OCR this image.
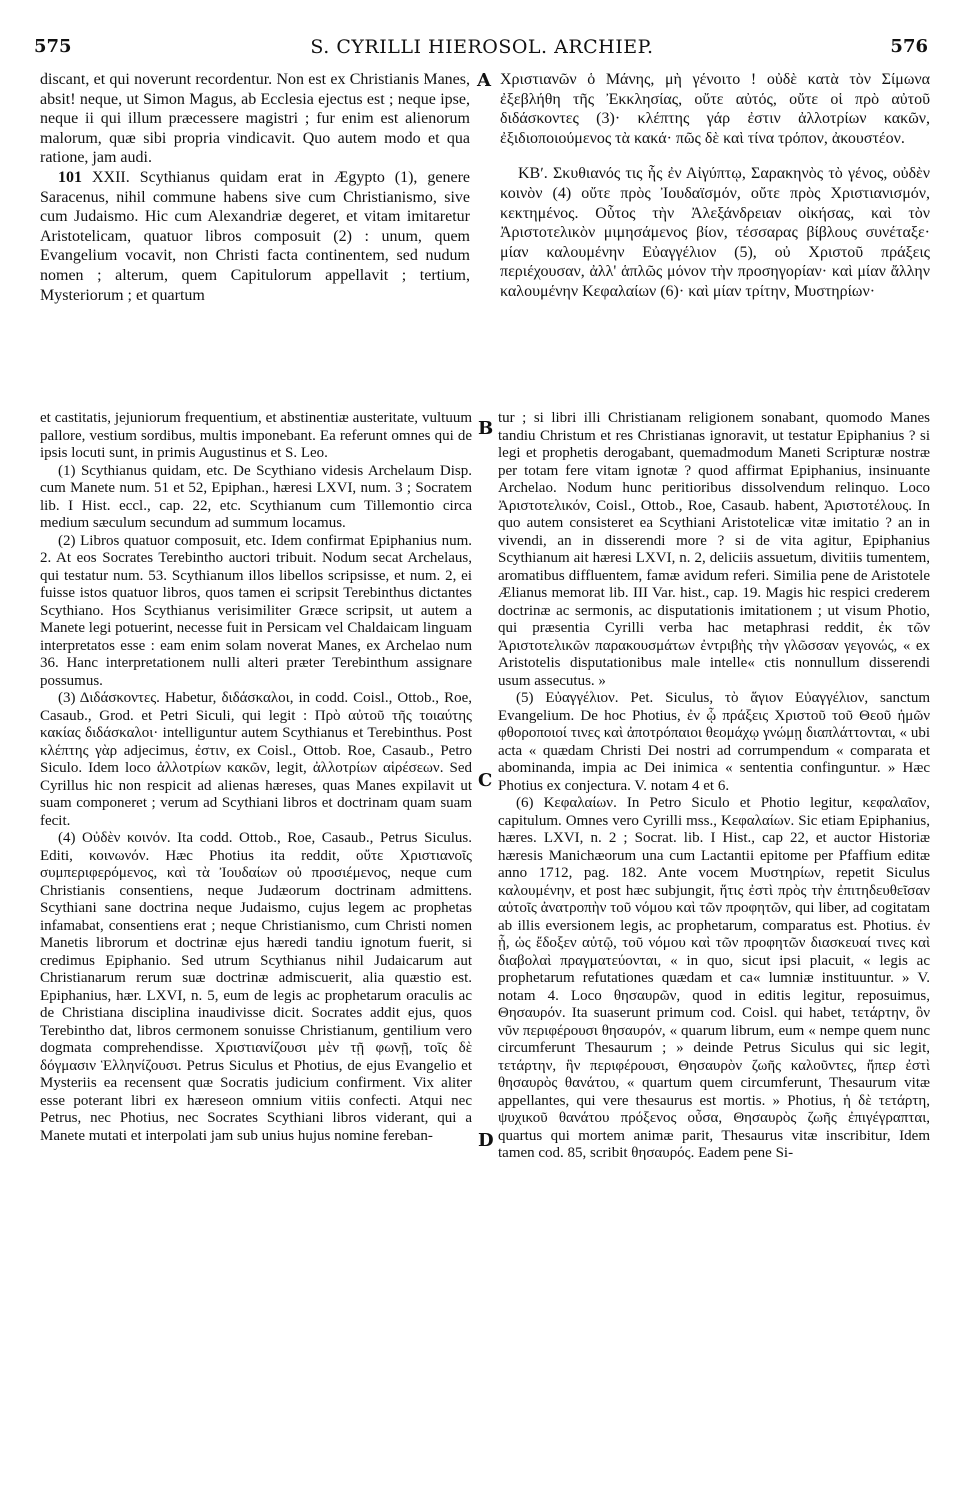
575	S. CYRILLI HIEROSOL. ARCHIEP.	576

discant, et qui noverunt recordentur. Non est ex Christianis Manes, absit! neque, ut Simon Magus, ab Ecclesia ejectus est ; neque ipse, neque ii qui illum præcessere magistri ; fur enim est alienorum malorum, quæ sibi propria vindicavit. Quo autem modo et qua ratione, jam audi.

101 XXII. Scythianus quidam erat in Ægypto (1), genere Saracenus, nihil commune habens sive cum Christianismo, sive cum Judaismo. Hic cum Alexandriæ degeret, et vitam imitaretur Aristotelicam, quatuor libros composuit (2) : unum, quem Evangelium vocavit, non Christi facta continentem, sed nudum nomen ; alterum, quem Capitulorum appellavit ; tertium, Mysteriorum ; et quartum

A Χριστιανῶν ὁ Μάνης, μὴ γένοιτο ! οὐδὲ κατὰ τὸν Σίμωνα ἐξεβλήθη τῆς Ἐκκλησίας, οὔτε αὐτός, οὔτε οἱ πρὸ αὐτοῦ διδάσκοντες (3)· κλέπτης γάρ ἐστιν ἀλλοτρίων κακῶν, ἐξιδιοποιούμενος τὰ κακά· πῶς δὲ καὶ τίνα τρόπον, ἀκουστέον.

ΚΒʹ. Σκυθιανός τις ἧς ἐν Αἰγύπτῳ, Σαρακηνὸς τὸ γένος, οὐδὲν κοινὸν (4) οὔτε πρὸς Ἰουδαϊσμόν, οὔτε πρὸς Χριστιανισμόν, κεκτημένος. Οὗτος τὴν Ἀλεξάνδρειαν οἰκήσας, καὶ τὸν Ἀριστοτελικὸν μιμησάμενος βίον, τέσσαρας βίβλους συνέταξε· μίαν καλουμένην Εὐαγγέλιον (5), οὐ Χριστοῦ πράξεις περιέχουσαν, ἀλλ' ἁπλῶς μόνον τὴν προσηγορίαν· καὶ μίαν ἄλλην καλουμένην Κεφαλαίων (6)· καὶ μίαν τρίτην, Μυστηρίων·

et castitatis, jejuniorum frequentium, et abstinentiæ austeritate, vultuum pallore, vestium sordibus, multis imponebant. Ea referunt omnes qui de ipsis locuti sunt, in primis Augustinus et S. Leo.

(1) Scythianus quidam, etc. De Scythiano videsis Archelaum Disp. cum Manete num. 51 et 52, Epiphan., hæresi LXVI, num. 3 ; Socratem lib. I Hist. eccl., cap. 22, etc. Scythianum cum Tillemontio circa medium sæculum secundum ad summum locamus.

(2) Libros quatuor composuit, etc. Idem confirmat Epiphanius num. 2. At eos Socrates Terebintho auctori tribuit. Nodum secat Archelaus, qui testatur num. 53. Scythianum illos libellos scripsisse, et num. 2, ei fuisse istos quatuor libros, quos tamen ei scripsit Terebinthus dictantes Scythiano. Hos Scythianus verisimiliter Græce scripsit, ut autem a Manete legi potuerint, necesse fuit in Persicam vel Chaldaicam linguam interpretatos esse : eam enim solam noverat Manes, ex Archelao num 36. Hanc interpretationem nulli alteri præter Terebinthum assignare possumus.

(3) Διδάσκοντες. Habetur, διδάσκαλοι, in codd. Coisl., Ottob., Roe, Casaub., Grod. et Petri Siculi, qui legit : Πρὸ αὐτοῦ τῆς τοιαύτης κακίας διδάσκαλοι· intelliguntur autem Scythianus et Terebinthus. Post κλέπτης γὰρ adjecimus, ἐστιν, ex Coisl., Ottob. Roe, Casaub., Petro Siculo. Idem loco ἀλλοτρίων κακῶν, legit, ἀλλοτρίων αἱρέσεων. Sed Cyrillus hic non respicit ad alienas hæreses, quas Manes expilavit ut suam componeret ; verum ad Scythiani libros et doctrinam quam suam fecit.

(4) Οὐδὲν κοινόν. Ita codd. Ottob., Roe, Casaub., Petrus Siculus. Editi, κοινωνόν. Hæc Photius ita reddit, οὔτε Χριστιανοῖς συμπεριφερόμενος, καὶ τὰ Ἰουδαίων οὐ προσιέμενος, neque cum Christianis consentiens, neque Judæorum doctrinam admittens. Scythiani sane doctrina neque Judaismo, cujus legem ac prophetas infamabat, consentiens erat ; neque Christianismo, cum Christi nomen Manetis librorum et doctrinæ ejus hæredi tandiu ignotum fuerit, si credimus Epiphanio. Sed utrum Scythianus nihil Judaicarum aut Christianarum rerum suæ doctrinæ admiscuerit, alia quæstio est. Epiphanius, hær. LXVI, n. 5, eum de legis ac prophetarum oraculis ac de Christiana disciplina inaudivisse dicit. Socrates addit ejus, quos Terebintho dat, libros cermonem sonuisse Christianum, gentilium vero dogmata comprehendisse. Χριστιανίζουσι μὲν τῇ φωνῇ, τοῖς δὲ δόγμασιν Ἑλληνίζουσι. Petrus Siculus et Photius, de ejus Evangelio et Mysteriis ea recensent quæ Socratis judicium confirment. Vix aliter esse poterant libri ex hæreseon omnium vitiis confecti. Atqui nec Petrus, nec Photius, nec Socrates Scythiani libros viderant, qui a Manete mutati et interpolati jam sub unius hujus nomine fereban-

B
C
D

tur ; si libri illi Christianam religionem sonabant, quomodo Manes tandiu Christum et res Christianas ignoravit, ut testatur Epiphanius ? si legi et prophetis derogabant, quemadmodum Maneti Scripturæ nostræ per totam fere vitam ignotæ ? quod affirmat Epiphanius, insinuante Archelao. Nodum hunc peritioribus dissolvendum relinquo. Loco Ἀριστοτελικόν, Coisl., Ottob., Roe, Casaub. habent, Ἀριστοτέλους. In quo autem consisteret ea Scythiani Aristotelicæ vitæ imitatio ? an in vivendi, an in disserendi more ? si de vita agitur, Epiphanius Scythianum ait hæresi LXVI, n. 2, deliciis assuetum, divitiis tumentem, aromatibus diffluentem, famæ avidum referi. Similia pene de Aristotele Ælianus memorat lib. III Var. hist., cap. 19. Magis hic respici crederem doctrinæ ac sermonis, ac disputationis imitationem ; ut visum Photio, qui præsentia Cyrilli verba hac metaphrasi reddit, ἐκ τῶν Ἀριστοτελικῶν παρακουσμάτων ἐντριβὴς τὴν γλῶσσαν γεγονώς, « ex Aristotelis disputationibus male intelle« ctis nonnullum disserendi usum assecutus. »

(5) Εὐαγγέλιον. Pet. Siculus, τὸ ἅγιον Εὐαγγέλιον, sanctum Evangelium. De hoc Photius, ἐν ᾧ πράξεις Χριστοῦ τοῦ Θεοῦ ἡμῶν φθοροποιοί τινες καὶ ἀποτρόπαιοι θεομάχῳ γνώμῃ διαπλάττονται, « ubi acta « quædam Christi Dei nostri ad corrumpendum « comparata et abominanda, impia ac Dei inimica « sententia confinguntur. » Hæc Photius ex conjectura. V. notam 4 et 6.

(6) Κεφαλαίων. In Petro Siculo et Photio legitur, κεφαλαῖον, capitulum. Omnes vero Cyrilli mss., Κεφαλαίων. Sic etiam Epiphanius, hæres. LXVI, n. 2 ; Socrat. lib. I Hist., cap 22, et auctor Historiæ hæresis Manichæorum una cum Lactantii epitome per Pfaffium editæ anno 1712, pag. 182. Ante vocem Μυστηρίων, repetit Siculus καλουμένην, et post hæc subjungit, ἥτις ἐστὶ πρὸς τὴν ἐπιτηδευθεῖσαν αὐτοῖς ἀνατροπὴν τοῦ νόμου καὶ τῶν προφητῶν, qui liber, ad cogitatam ab illis eversionem legis, ac prophetarum, comparatus est. Photius. ἐν ᾗ, ὡς ἔδοξεν αὐτῷ, τοῦ νόμου καὶ τῶν προφητῶν διασκευαί τινες καὶ διαβολαὶ πραγματεύονται, « in quo, sicut ipsi placuit, « legis ac prophetarum refutationes quædam et ca« lumniæ instituuntur. » V. notam 4. Loco θησαυρῶν, quod in editis legitur, reposuimus, Θησαυρόν. Ita suaserunt primum cod. Coisl. qui habet, τετάρτην, ὃν νῦν περιφέρουσι θησαυρόν, « quarum librum, eum « nempe quem nunc circumferunt Thesaurum ; » deinde Petrus Siculus qui sic legit, τετάρτην, ἣν περιφέρουσι, Θησαυρὸν ζωῆς καλοῦντες, ἤπερ ἐστὶ θησαυρὸς θανάτου, « quartum quem circumferunt, Thesaurum vitæ appellantes, qui vere thesaurus est mortis. » Photius, ἡ δὲ τετάρτη, ψυχικοῦ θανάτου πρόξενος οὖσα, Θησαυρὸς ζωῆς ἐπιγέγραπται, quartus qui mortem animæ parit, Thesaurus vitæ inscribitur, Idem tamen cod. 85, scribit θησαυρός. Eadem pene Si-
